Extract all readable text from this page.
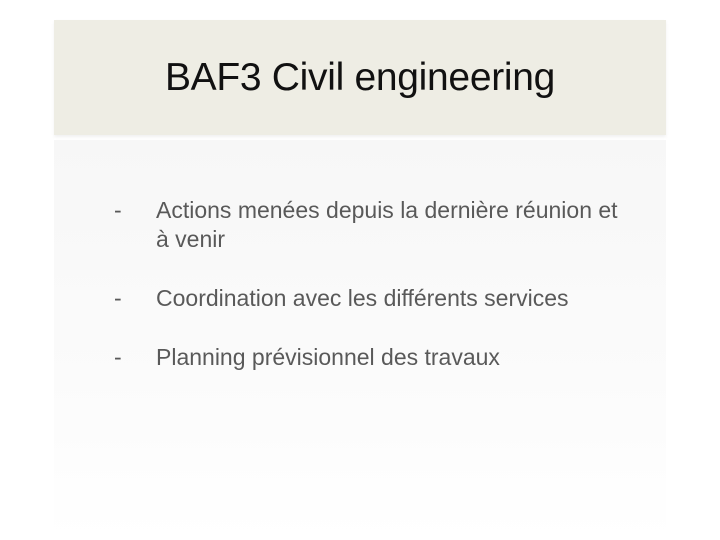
BAF3 Civil engineering
-	Actions menées depuis la dernière réunion et à venir
-	Coordination avec les différents services
-	Planning prévisionnel des travaux
